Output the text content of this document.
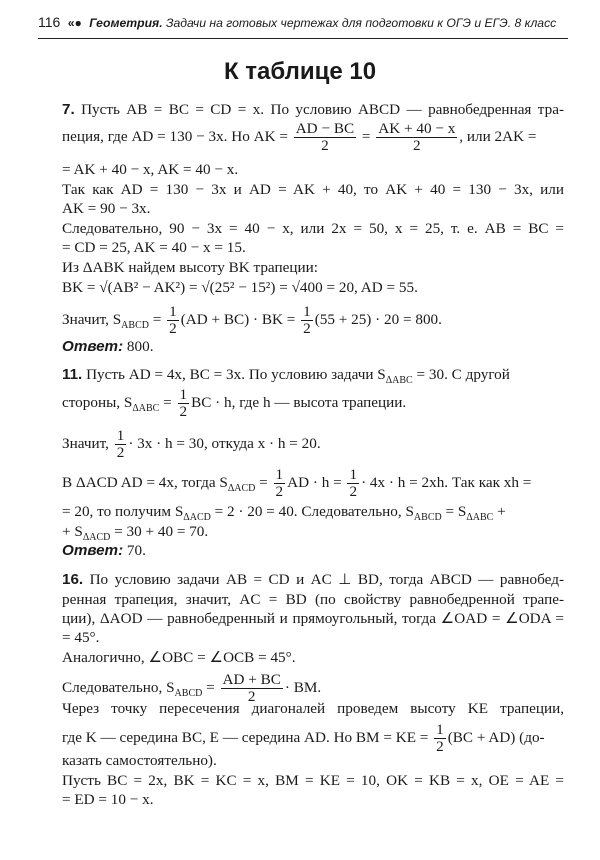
116 «● Геометрия. Задачи на готовых чертежах для подготовки к ОГЭ и ЕГЭ. 8 класс
К таблице 10
7. Пусть AB = BC = CD = x. По условию ABCD — равнобедренная тра-
пеция, где AD = 130 − 3x. Но AK = $\frac{AD - BC}{2} = \frac{AK + 40 - x}{2}$ , или 2AK =
= AK + 40 − x, AK = 40 − x.
Так как AD = 130 − 3x и AD = AK + 40, то AK + 40 = 130 − 3x, или
AK = 90 − 3x.
Следовательно, 90 − 3x = 40 − x, или 2x = 50, x = 25, т. е. AB = BC =
= CD = 25, AK = 40 − x = 15.
Из ΔABK найдем высоту BK трапеции:
BK = √(AB² − AK²) = √(25² − 15²) = √400 = 20, AD = 55.
Значит, $S_{ABCD} = \frac{1}{2} (AD + BC)$ · BK = $\frac{1}{2} (55 + 25) \cdot 20 = 800$.
Ответ: 800.
11. Пусть AD = 4x, BC = 3x. По условию задачи $S_{\Delta ABC} = 30$. С другой
стороны, $S_{\Delta ABC} = \frac{1}{2}$ BC · h, где h — высота трапеции.
Значит, $\frac{1}{2} \cdot 3x \cdot h = 30$, откуда x · h = 20.
В ΔACD AD = 4x, тогда $S_{\Delta ACD} = \frac{1}{2}$ AD · $h = \frac{1}{2} \cdot 4x \cdot h = 2xh$. Так как xh =
= 20, то получим $S_{\Delta ACD} = 2 \cdot 20 = 40$. Следовательно, $S_{ABCD} = S_{\Delta ABC}$ +
+ $S_{\Delta ACD} = 30 + 40 = 70$.
Ответ: 70.
16. По условию задачи AB = CD и AC ⊥ BD, тогда ABCD — равнобед-
ренная трапеция, значит, AC = BD (по свойству равнобедренной трапе-
ции), ΔAOD — равнобедренный и прямоугольный, тогда ∠OAD = ∠ODA =
= 45°.
Аналогично, ∠OBC = ∠OCB = 45°.
Следовательно, $S_{ABCD} = \frac{AD + BC}{2}$ · BM.
Через точку пересечения диагоналей проведем высоту KE трапеции,
где K — середина BC, E — середина AD. Но BM = KE = $\frac{1}{2} (BC + AD)$ (до-
казать самостоятельно).
Пусть BC = 2x, BK = KC = x, BM = KE = 10, OK = KB = x, OE = AE =
= ED = 10 − x.
